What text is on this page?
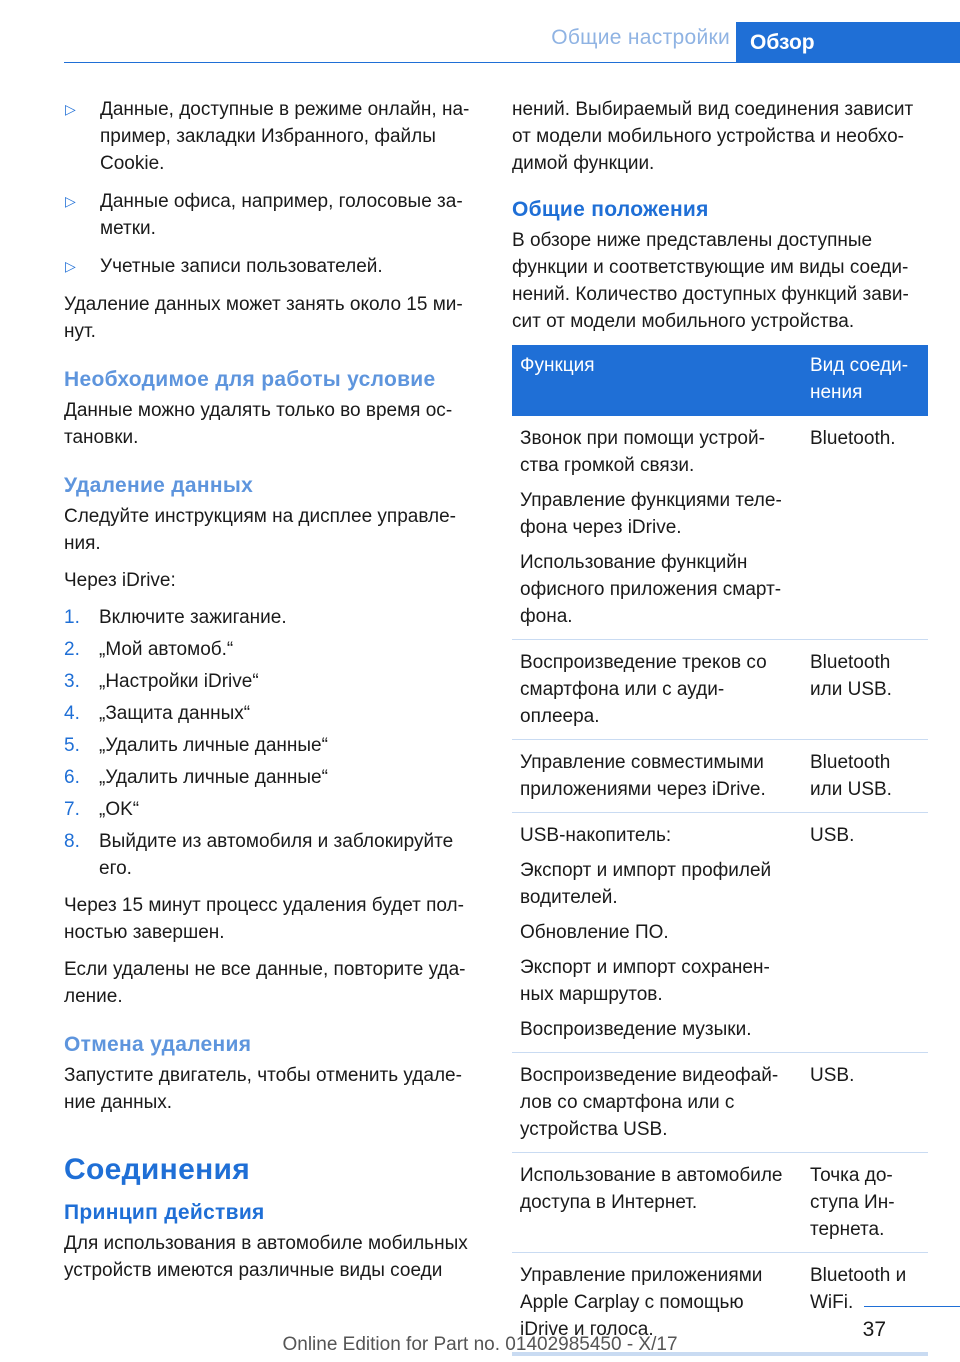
Общие настройки Обзор
▷	Данные, доступные в режиме онлайн, например, закладки Избранного, файлы Cookie.
▷	Данные офиса, например, голосовые заметки.
▷	Учетные записи пользователей.

Удаление данных может занять около 15 минут.

Необходимое для работы условие

Данные можно удалять только во время остановки.

Удаление данных

Следуйте инструкциям на дисплее управления.

Через iDrive:

1.	Включите зажигание.
2.	„Мой автомоб.“
3.	„Настройки iDrive“
4.	„Защита данных“
5.	„Удалить личные данные“
6.	„Удалить личные данные“
7.	„OK“
8.	Выйдите из автомобиля и заблокируйте его.

Через 15 минут процесс удаления будет полностью завершен.

Если удалены не все данные, повторите удаление.

Отмена удаления

Запустите двигатель, чтобы отменить удаление данных.

Соединения
Принцип действия

Для использования в автомобиле мобильных устройств имеются различные виды соеди

нений. Выбираемый вид соединения зависит от модели мобильного устройства и необходимой функции.

Общие положения

В обзоре ниже представлены доступные функции и соответствующие им виды соединений. Количество доступных функций зависит от модели мобильного устройства.

Функция	Вид соединения

Звонок при помощи устройства громкой связи.

Управление функциями телефона через iDrive.

Использование функцийн офисного приложения смартфона.	Bluetooth.

Воспроизведение треков со смартфона или с аудиоплеера.	Bluetooth или USB.

Управление совместимыми приложениями через iDrive.	Bluetooth или USB.

USB-накопитель:

Экспорт и импорт профилей водителей.

Обновление ПО.

Экспорт и импорт сохраненных маршрутов.

Воспроизведение музыки.	USB.

Воспроизведение видеофайлов со смартфона или с устройства USB.	USB.

Использование в автомобиле доступа в Интернет.	Точка доступа Интернета.

Управление приложениями Apple Carplay с помощью iDrive и голоса.	Bluetooth и WiFi.
37
Online Edition for Part no. 01402985450 - X/17
